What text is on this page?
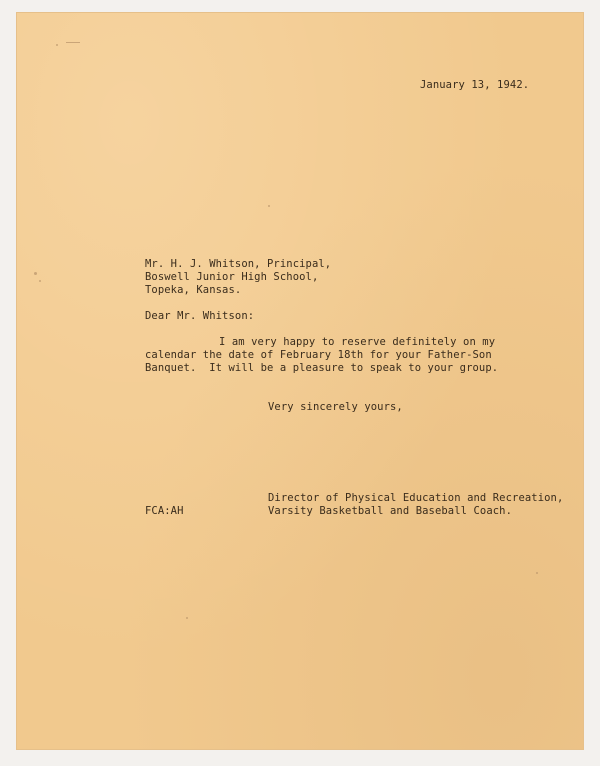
January 13, 1942.
Mr. H. J. Whitson, Principal,
Boswell Junior High School,
Topeka, Kansas.
Dear Mr. Whitson:
I am very happy to reserve definitely on my
calendar the date of February 18th for your Father-Son
Banquet.  It will be a pleasure to speak to your group.
Very sincerely yours,
Director of Physical Education and Recreation,
Varsity Basketball and Baseball Coach.
FCA:AH
